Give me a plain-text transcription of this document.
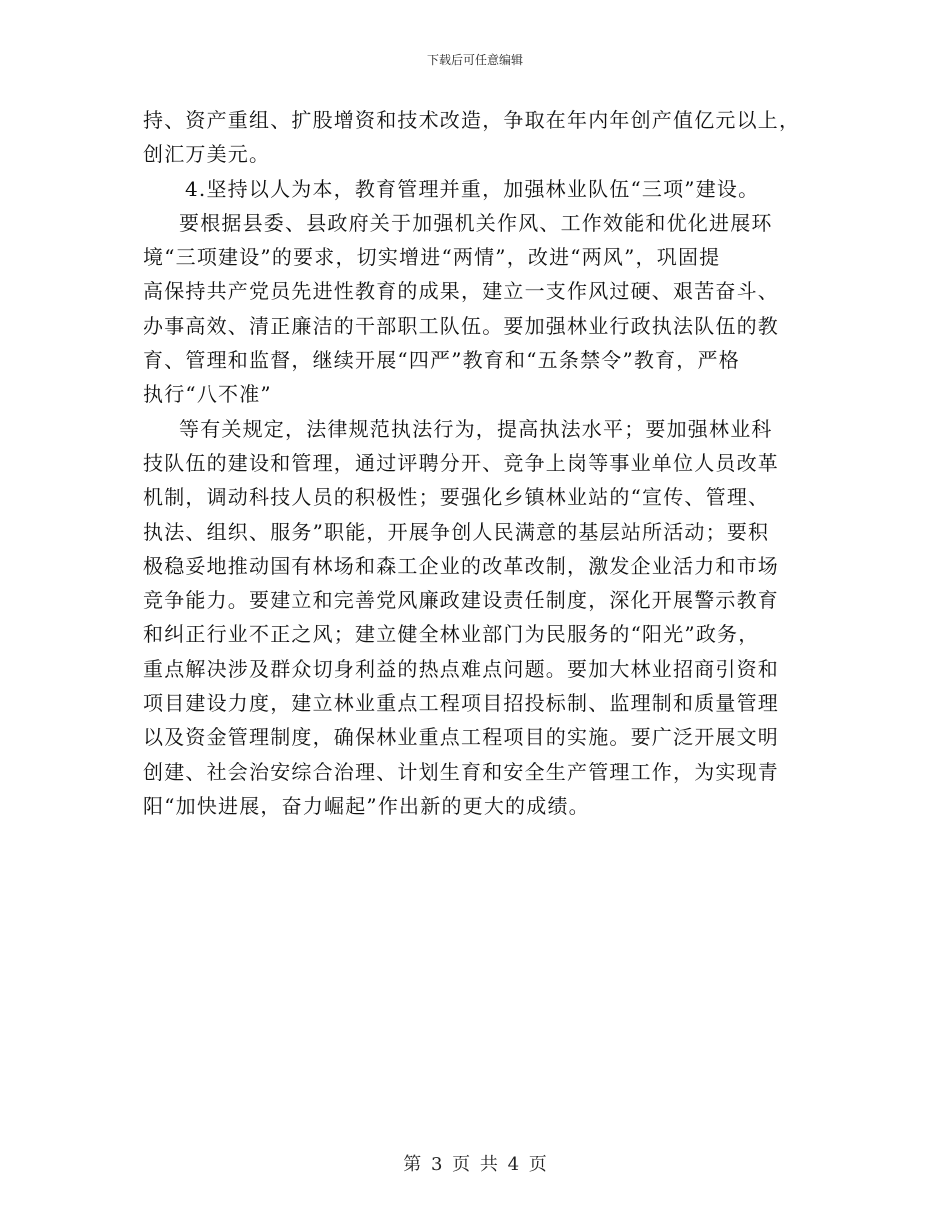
下载后可任意编辑
持、资产重组、扩股增资和技术改造，争取在年内年创产值亿元以上，
创汇万美元。
4.坚持以人为本，教育管理并重，加强林业队伍“三项”建设。
要根据县委、县政府关于加强机关作风、工作效能和优化进展环
境“三项建设”的要求，切实增进“两情”，改进“两风”，巩固提
高保持共产党员先进性教育的成果，建立一支作风过硬、艰苦奋斗、
办事高效、清正廉洁的干部职工队伍。要加强林业行政执法队伍的教
育、管理和监督，继续开展“四严”教育和“五条禁令”教育，严格
执行“八不准”
等有关规定，法律规范执法行为，提高执法水平；要加强林业科
技队伍的建设和管理，通过评聘分开、竞争上岗等事业单位人员改革
机制，调动科技人员的积极性；要强化乡镇林业站的“宣传、管理、
执法、组织、服务”职能，开展争创人民满意的基层站所活动；要积
极稳妥地推动国有林场和森工企业的改革改制，激发企业活力和市场
竞争能力。要建立和完善党风廉政建设责任制度，深化开展警示教育
和纠正行业不正之风；建立健全林业部门为民服务的“阳光”政务，
重点解决涉及群众切身利益的热点难点问题。要加大林业招商引资和
项目建设力度，建立林业重点工程项目招投标制、监理制和质量管理
以及资金管理制度，确保林业重点工程项目的实施。要广泛开展文明
创建、社会治安综合治理、计划生育和安全生产管理工作，为实现青
阳“加快进展，奋力崛起”作出新的更大的成绩。
第 3 页 共 4 页
